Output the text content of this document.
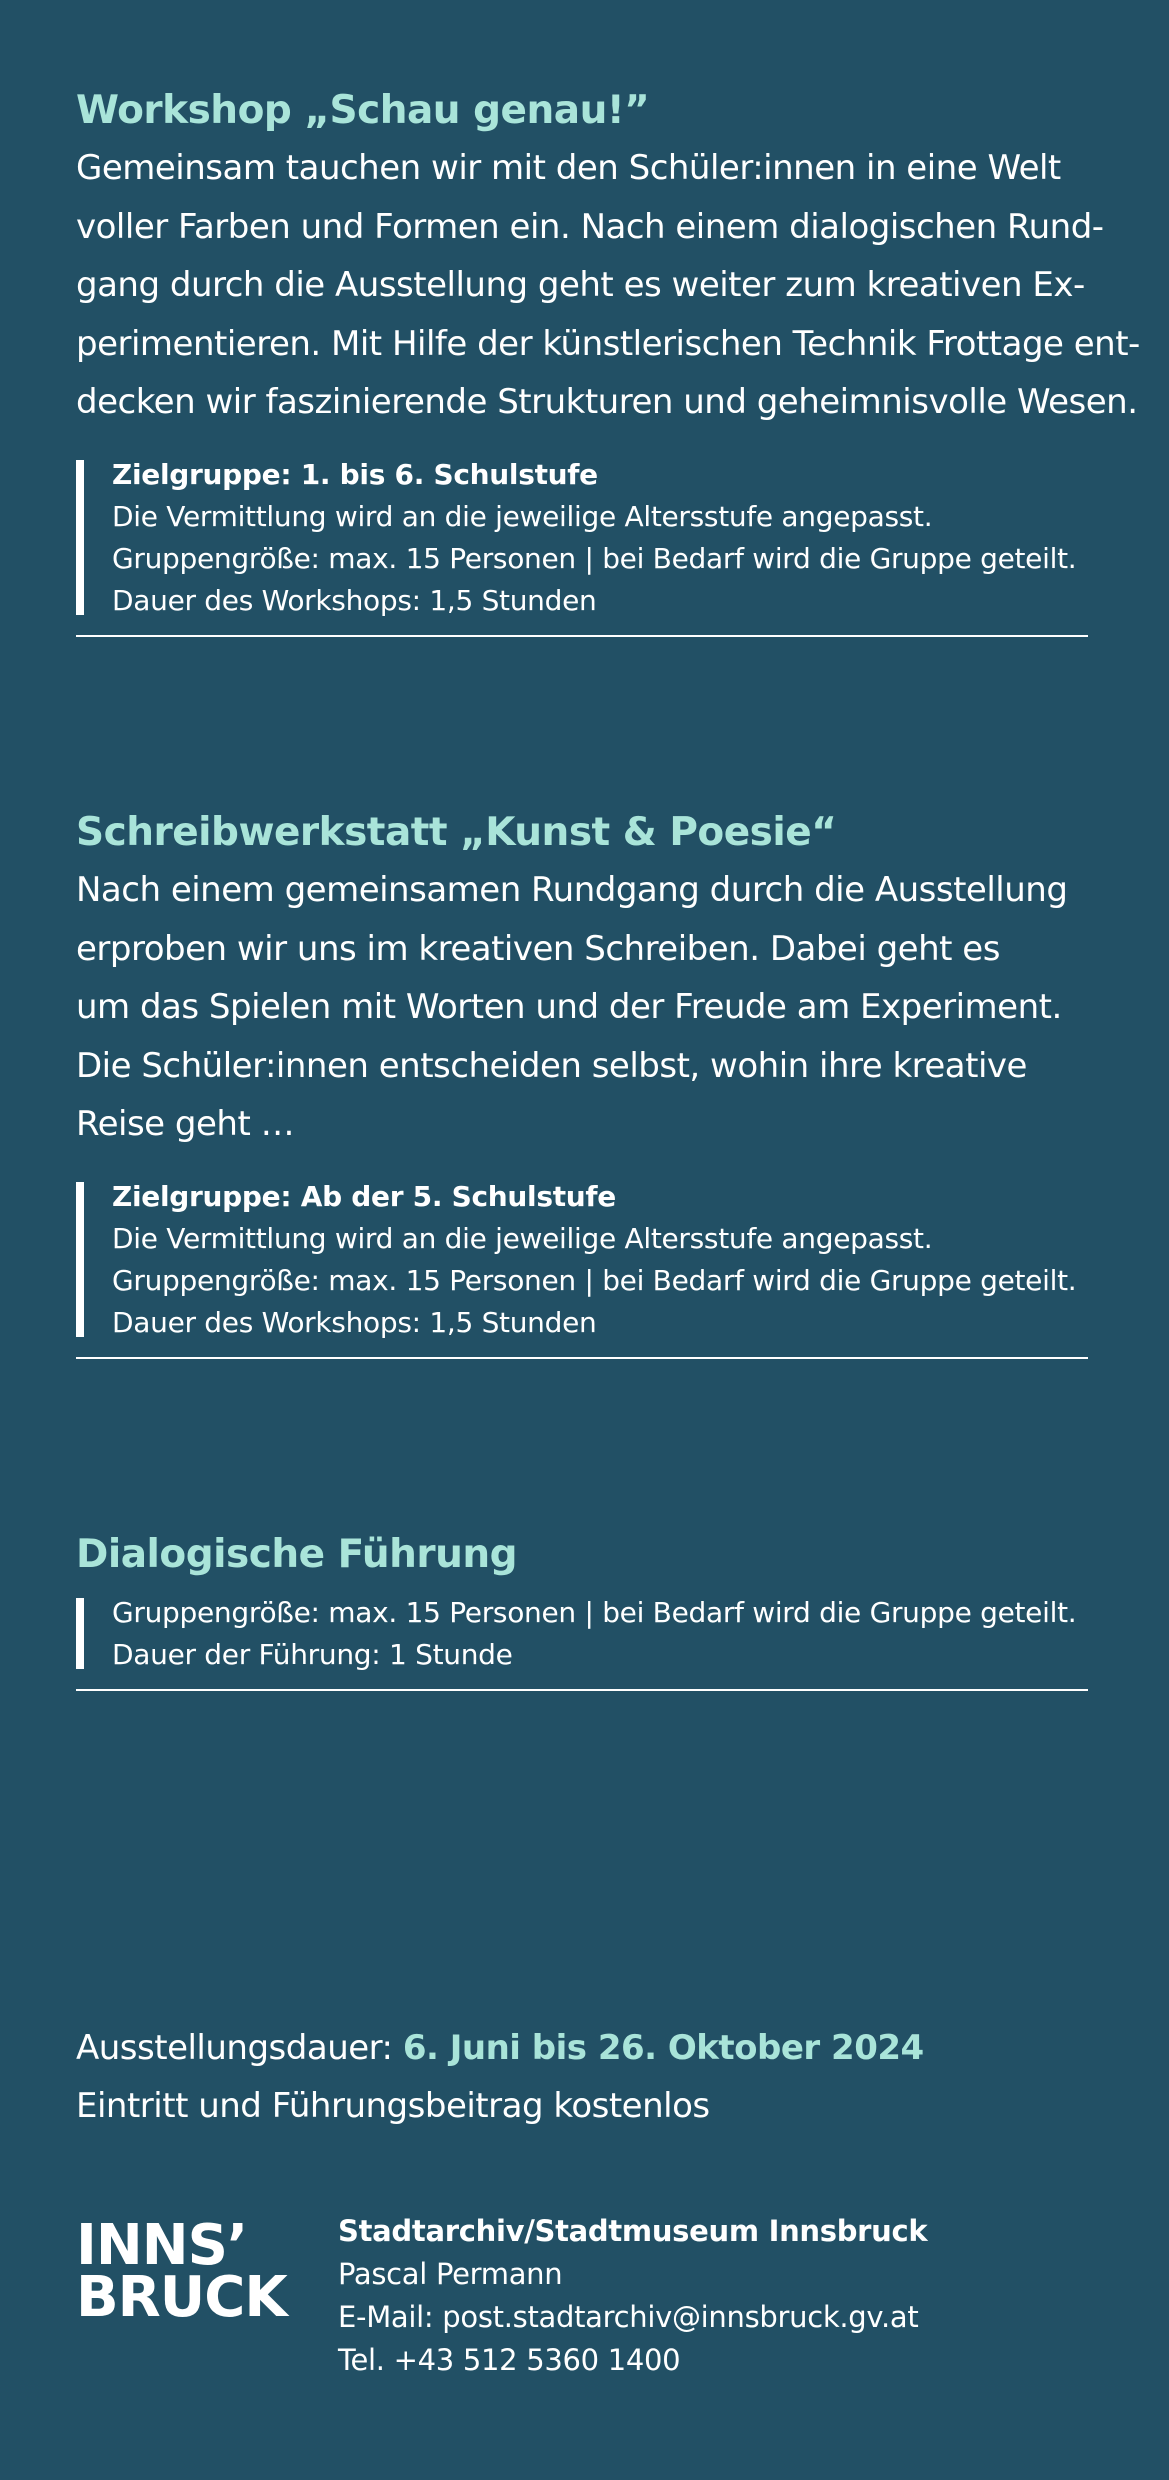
Workshop „Schau genau!”
Gemeinsam tauchen wir mit den Schüler:innen in eine Welt
voller Farben und Formen ein. Nach einem dialogischen Rund-
gang durch die Ausstellung geht es weiter zum kreativen Ex-
perimentieren. Mit Hilfe der künstlerischen Technik Frottage ent-
decken wir faszinierende Strukturen und geheimnisvolle Wesen.
Zielgruppe: 1. bis 6. Schulstufe
Die Vermittlung wird an die jeweilige Altersstufe angepasst.
Gruppengröße: max. 15 Personen | bei Bedarf wird die Gruppe geteilt.
Dauer des Workshops: 1,5 Stunden
Schreibwerkstatt „Kunst & Poesie“
Nach einem gemeinsamen Rundgang durch die Ausstellung
erproben wir uns im kreativen Schreiben. Dabei geht es
um das Spielen mit Worten und der Freude am Experiment.
Die Schüler:innen entscheiden selbst, wohin ihre kreative
Reise geht …
Zielgruppe: Ab der 5. Schulstufe
Die Vermittlung wird an die jeweilige Altersstufe angepasst.
Gruppengröße: max. 15 Personen | bei Bedarf wird die Gruppe geteilt.
Dauer des Workshops: 1,5 Stunden
Dialogische Führung
Gruppengröße: max. 15 Personen | bei Bedarf wird die Gruppe geteilt.
Dauer der Führung: 1 Stunde
Ausstellungsdauer: 6. Juni bis 26. Oktober 2024
Eintritt und Führungsbeitrag kostenlos
INNS’
BRUCK
Stadtarchiv/Stadtmuseum Innsbruck
Pascal Permann
E-Mail: post.stadtarchiv@innsbruck.gv.at
Tel. +43 512 5360 1400
